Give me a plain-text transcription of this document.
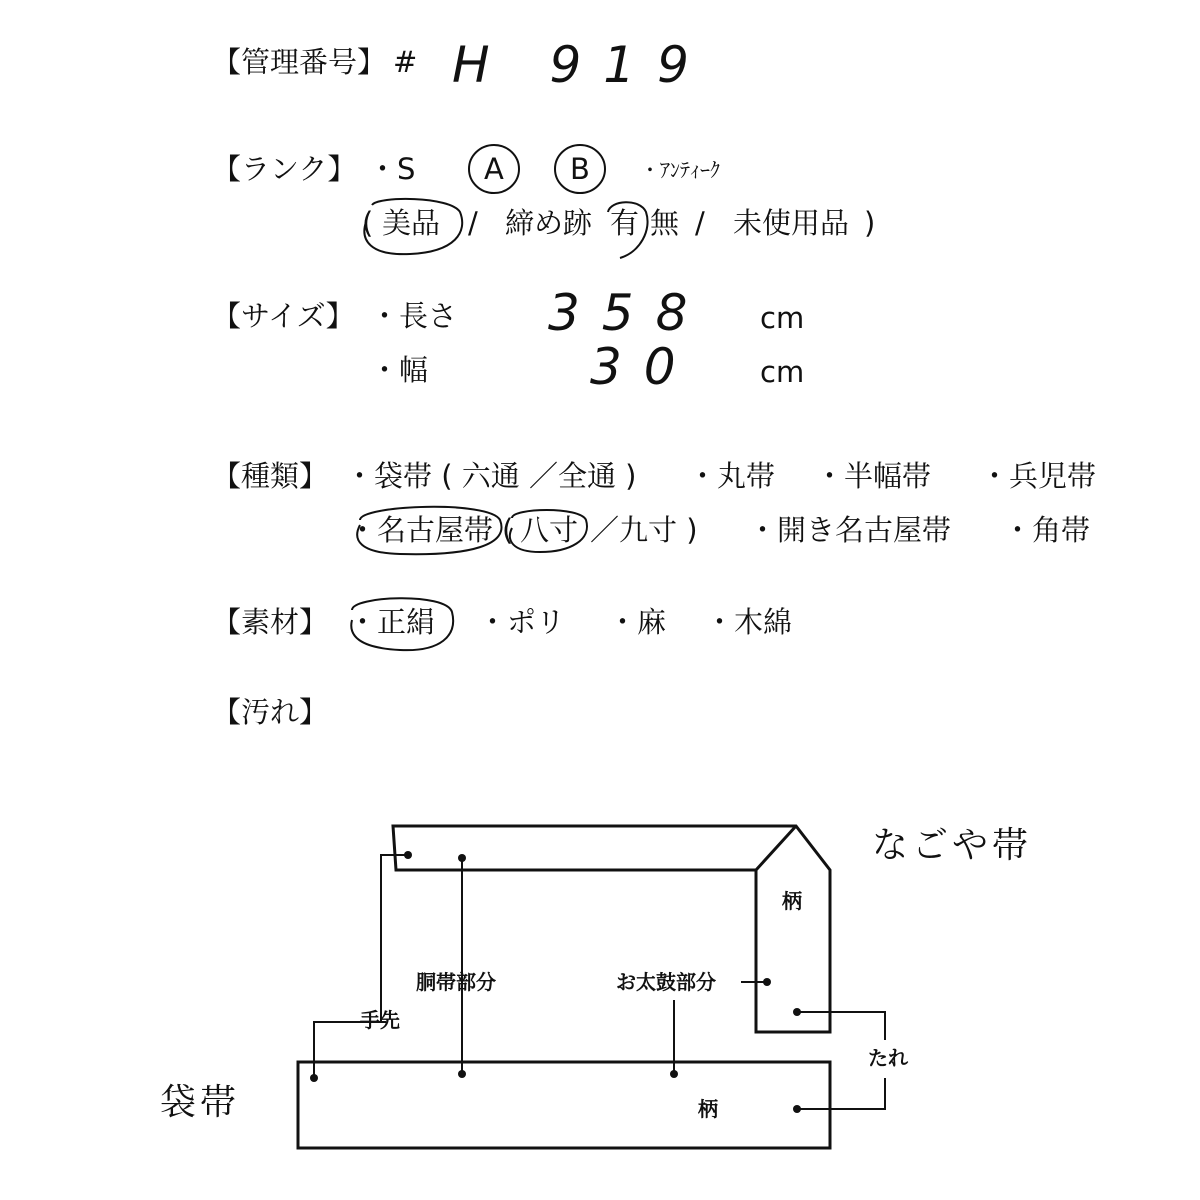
【管理番号】 # H 919
【ランク】 ・S A B	・ｱﾝﾃｨｰｸ
( 美品 / 締め跡 有 無 / 未使用品 )
【サイズ】 ・長さ 358 cm
・幅	30 cm
【種類】 ・袋帯 ( 六通 ／全通 ) ・丸帯 ・半幅帯 ・兵児帯
・名古屋帯 ( 八寸 ／九寸 ) ・開き名古屋帯 ・角帯
【素材】 ・正絹 ・ポリ ・麻 ・木綿
【汚れ】
なごや帯
袋帯
柄
柄
胴帯部分	お太鼓部分
手先
たれ
